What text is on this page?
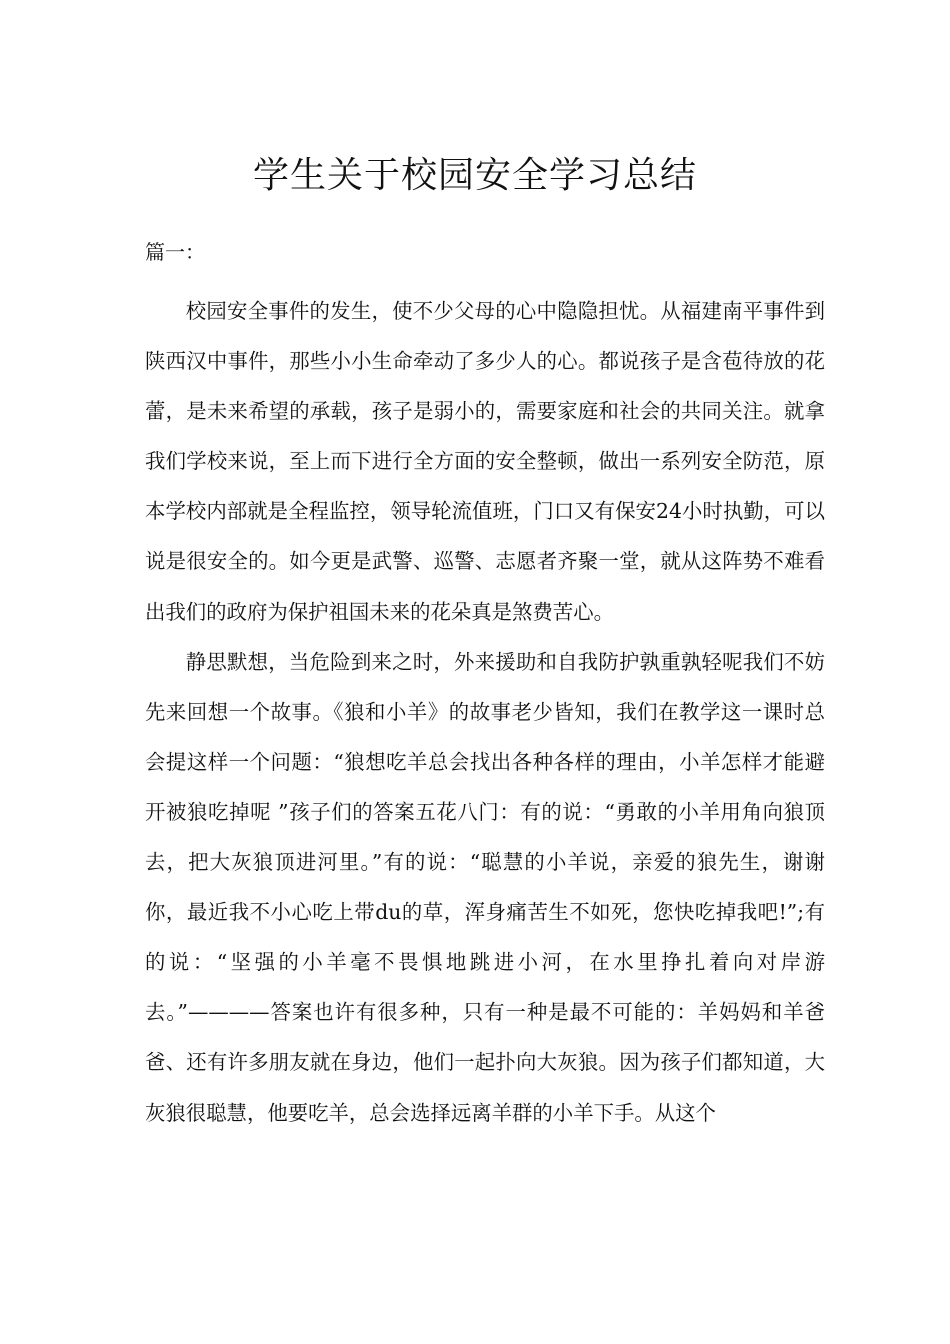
学生关于校园安全学习总结
篇一：

校园安全事件的发生，使不少父母的心中隐隐担忧。从福建南平事件到陕西汉中事件，那些小小生命牵动了多少人的心。都说孩子是含苞待放的花蕾，是未来希望的承载，孩子是弱小的，需要家庭和社会的共同关注。就拿我们学校来说，至上而下进行全方面的安全整顿，做出一系列安全防范，原本学校内部就是全程监控，领导轮流值班，门口又有保安24小时执勤，可以说是很安全的。如今更是武警、巡警、志愿者齐聚一堂，就从这阵势不难看出我们的政府为保护祖国未来的花朵真是煞费苦心。

静思默想，当危险到来之时，外来援助和自我防护孰重孰轻呢我们不妨先来回想一个故事。《狼和小羊》的故事老少皆知，我们在教学这一课时总会提这样一个问题：“狼想吃羊总会找出各种各样的理由，小羊怎样才能避开被狼吃掉呢 ”孩子们的答案五花八门：有的说：“勇敢的小羊用角向狼顶去，把大灰狼顶进河里。”有的说：“聪慧的小羊说，亲爱的狼先生，谢谢你，最近我不小心吃上带du的草，浑身痛苦生不如死，您快吃掉我吧!”;有的说：“坚强的小羊毫不畏惧地跳进小河，在水里挣扎着向对岸游去。”————答案也许有很多种，只有一种是最不可能的：羊妈妈和羊爸爸、还有许多朋友就在身边，他们一起扑向大灰狼。因为孩子们都知道，大灰狼很聪慧，他要吃羊，总会选择远离羊群的小羊下手。从这个
